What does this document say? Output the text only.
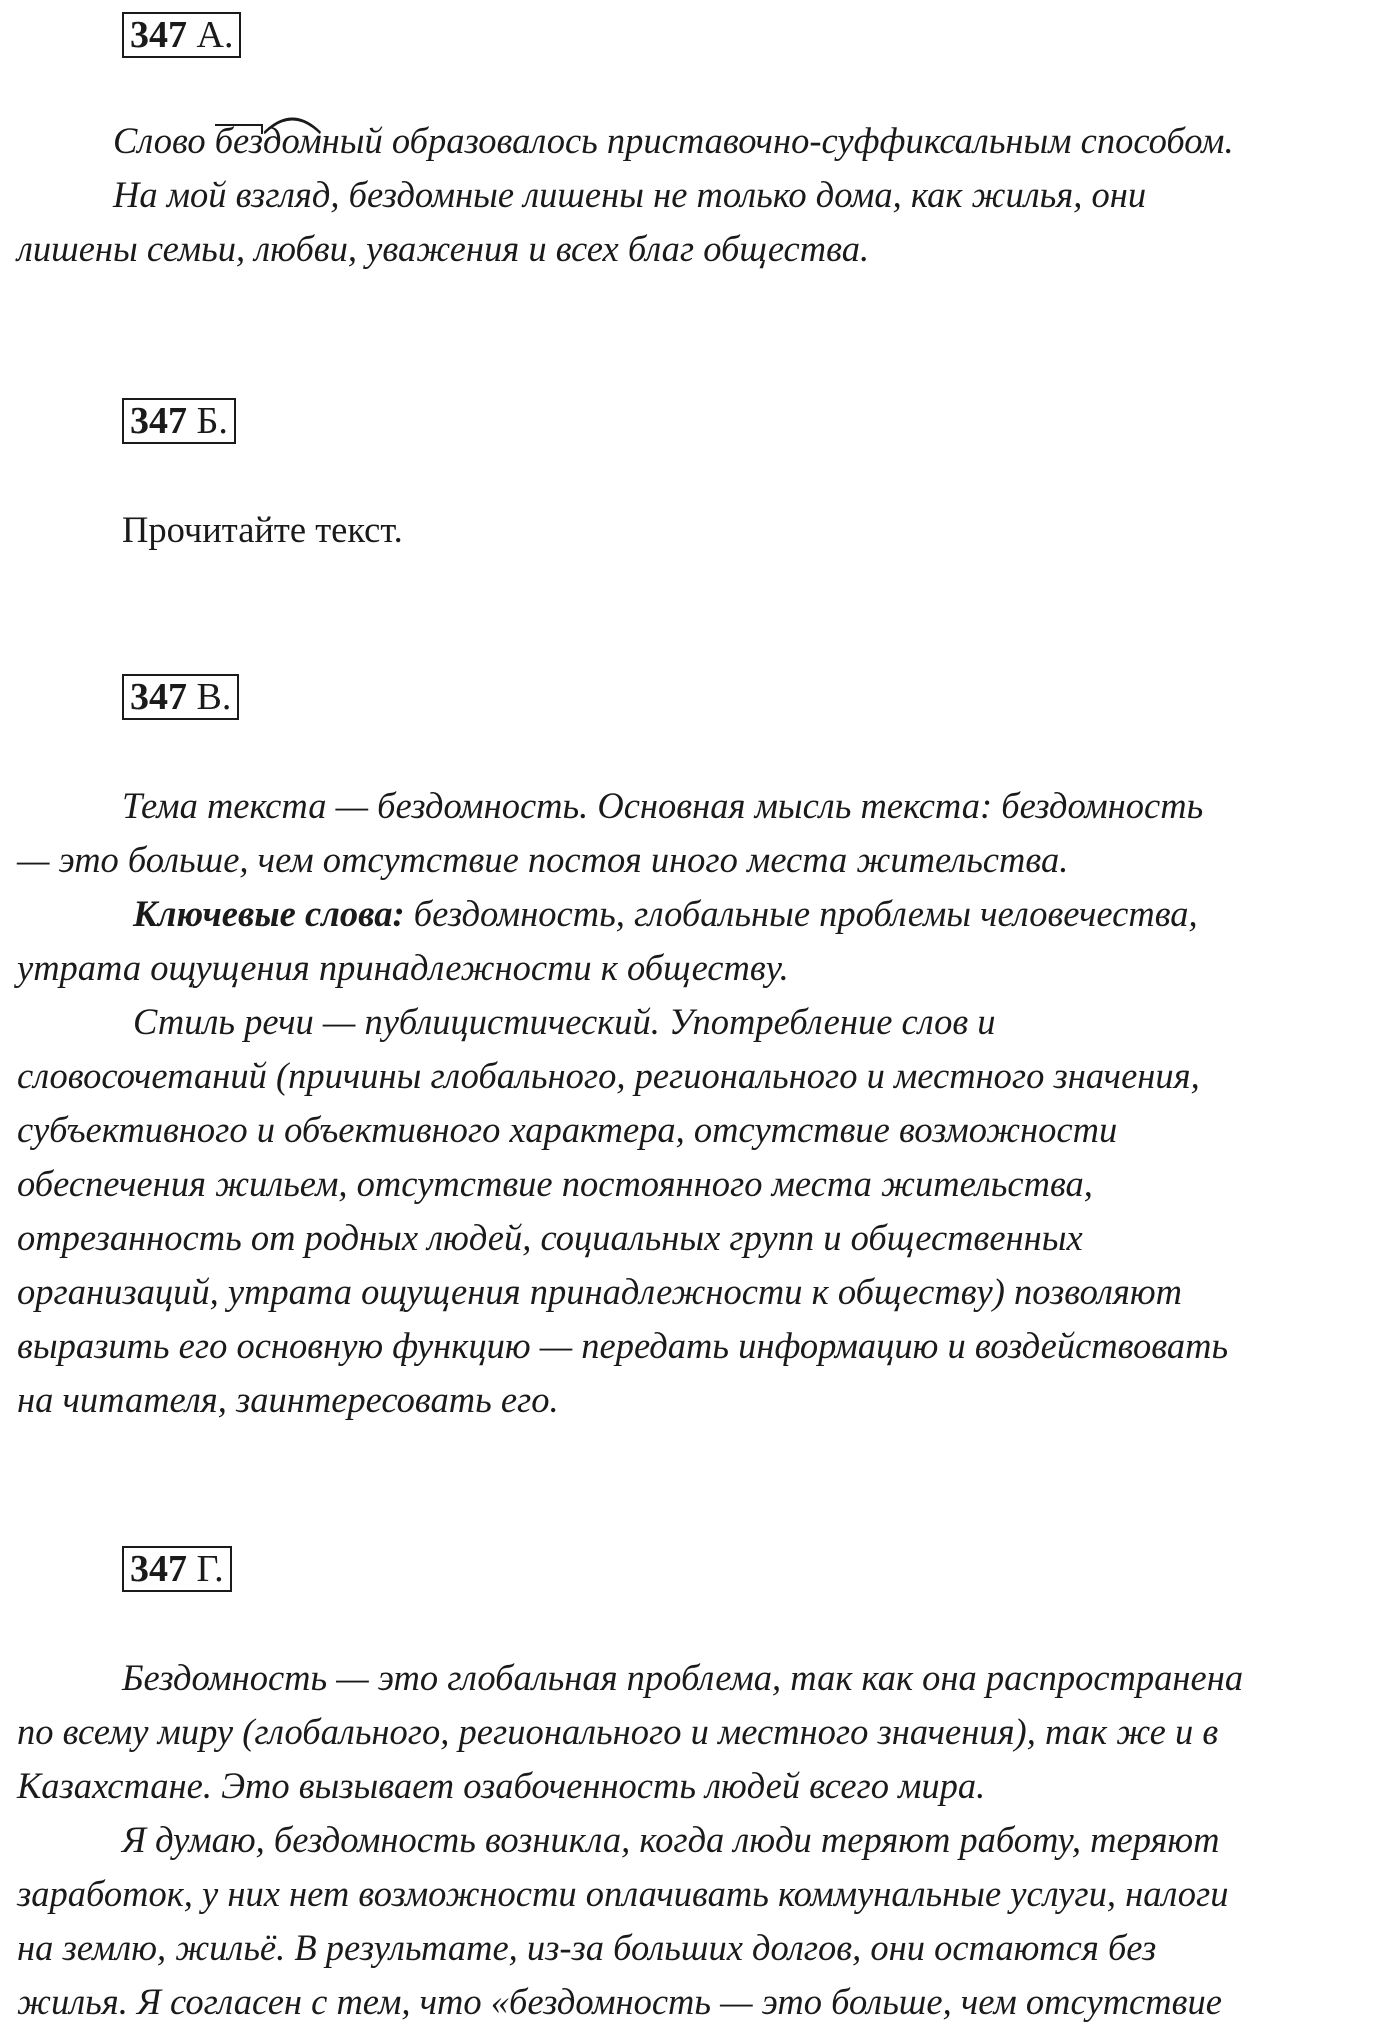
347 А.
Слово
без
домный образовалось приставочно-суффиксальным способом.
На мой взгляд, бездомные лишены не только дома, как жилья, они
лишены семьи, любви, уважения и всех благ общества.
347 Б.
Прочитайте текст.
347 В.
Тема текста — бездомность. Основная мысль текста: бездомность
— это больше, чем отсутствие постоя иного места жительства.
Ключевые слова: бездомность, глобальные проблемы человечества,
утрата ощущения принадлежности к обществу.
Стиль речи — публицистический. Употребление слов и
словосочетаний (причины глобального, регионального и местного значения,
субъективного и объективного характера, отсутствие возможности
обеспечения жильем, отсутствие постоянного места жительства,
отрезанность от родных людей, социальных групп и общественных
организаций, утрата ощущения принадлежности к обществу) позволяют
выразить его основную функцию — передать информацию и воздействовать
на читателя, заинтересовать его.
347 Г.
Бездомность — это глобальная проблема, так как она распространена
по всему миру (глобального, регионального и местного значения), так же и в
Казахстане. Это вызывает озабоченность людей всего мира.
Я думаю, бездомность возникла, когда люди теряют работу, теряют
заработок, у них нет возможности оплачивать коммунальные услуги, налоги
на землю, жильё. В результате, из-за больших долгов, они остаются без
жилья. Я согласен с тем, что «бездомность — это больше, чем отсутствие
